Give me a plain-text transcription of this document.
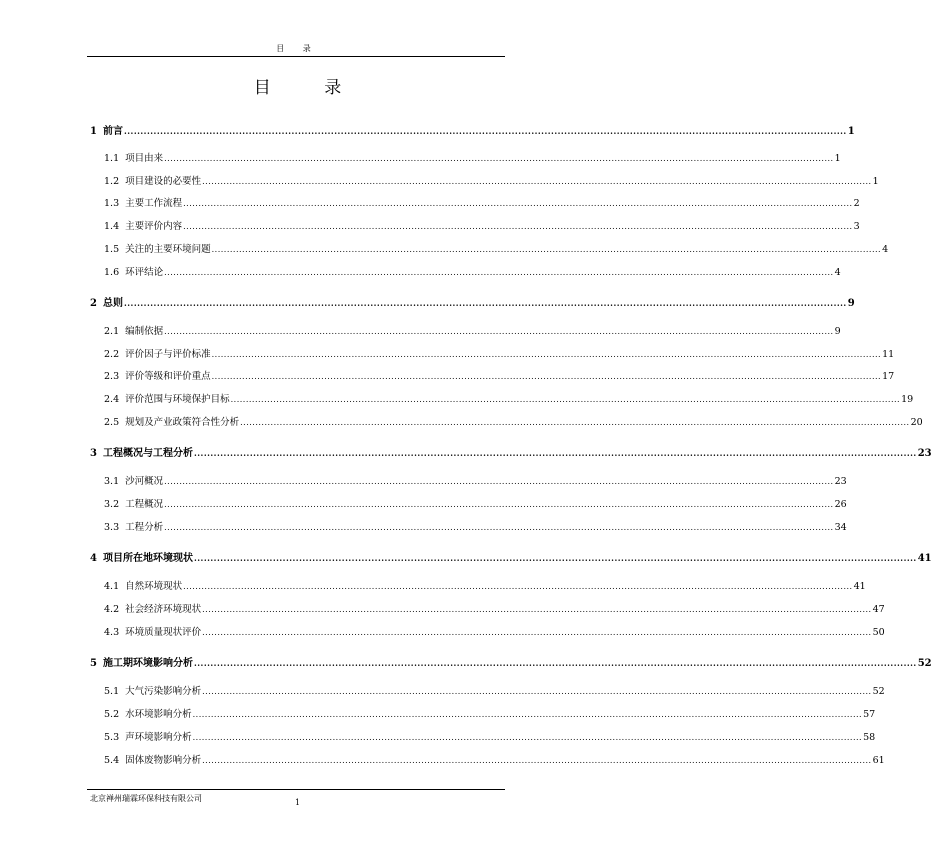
目 录
目 录
1 前言 ............................................................................................................................................................................................................................ 1
1.1 项目由来 ............................................................................................................................................................................................................................ 1
1.2 项目建设的必要性 ............................................................................................................................................................................................................................ 1
1.3 主要工作流程 ............................................................................................................................................................................................................................ 2
1.4 主要评价内容 ............................................................................................................................................................................................................................ 3
1.5 关注的主要环境问题 ............................................................................................................................................................................................................................ 4
1.6 环评结论 ............................................................................................................................................................................................................................ 4
2 总则 ............................................................................................................................................................................................................................ 9
2.1 编制依据 ............................................................................................................................................................................................................................ 9
2.2 评价因子与评价标准 ............................................................................................................................................................................................................................ 11
2.3 评价等级和评价重点 ............................................................................................................................................................................................................................ 17
2.4 评价范围与环境保护目标 ............................................................................................................................................................................................................................ 19
2.5 规划及产业政策符合性分析 ............................................................................................................................................................................................................................ 20
3 工程概况与工程分析 ............................................................................................................................................................................................................................ 23
3.1 沙河概况 ............................................................................................................................................................................................................................ 23
3.2 工程概况 ............................................................................................................................................................................................................................ 26
3.3 工程分析 ............................................................................................................................................................................................................................ 34
4 项目所在地环境现状 ............................................................................................................................................................................................................................ 41
4.1 自然环境现状 ............................................................................................................................................................................................................................ 41
4.2 社会经济环境现状 ............................................................................................................................................................................................................................ 47
4.3 环境质量现状评价 ............................................................................................................................................................................................................................ 50
5 施工期环境影响分析 ............................................................................................................................................................................................................................ 52
5.1 大气污染影响分析 ............................................................................................................................................................................................................................ 52
5.2 水环境影响分析 ............................................................................................................................................................................................................................ 57
5.3 声环境影响分析 ............................................................................................................................................................................................................................ 58
5.4 固体废物影响分析 ............................................................................................................................................................................................................................ 61
北京禅州瑞霖环保科技有限公司	1
